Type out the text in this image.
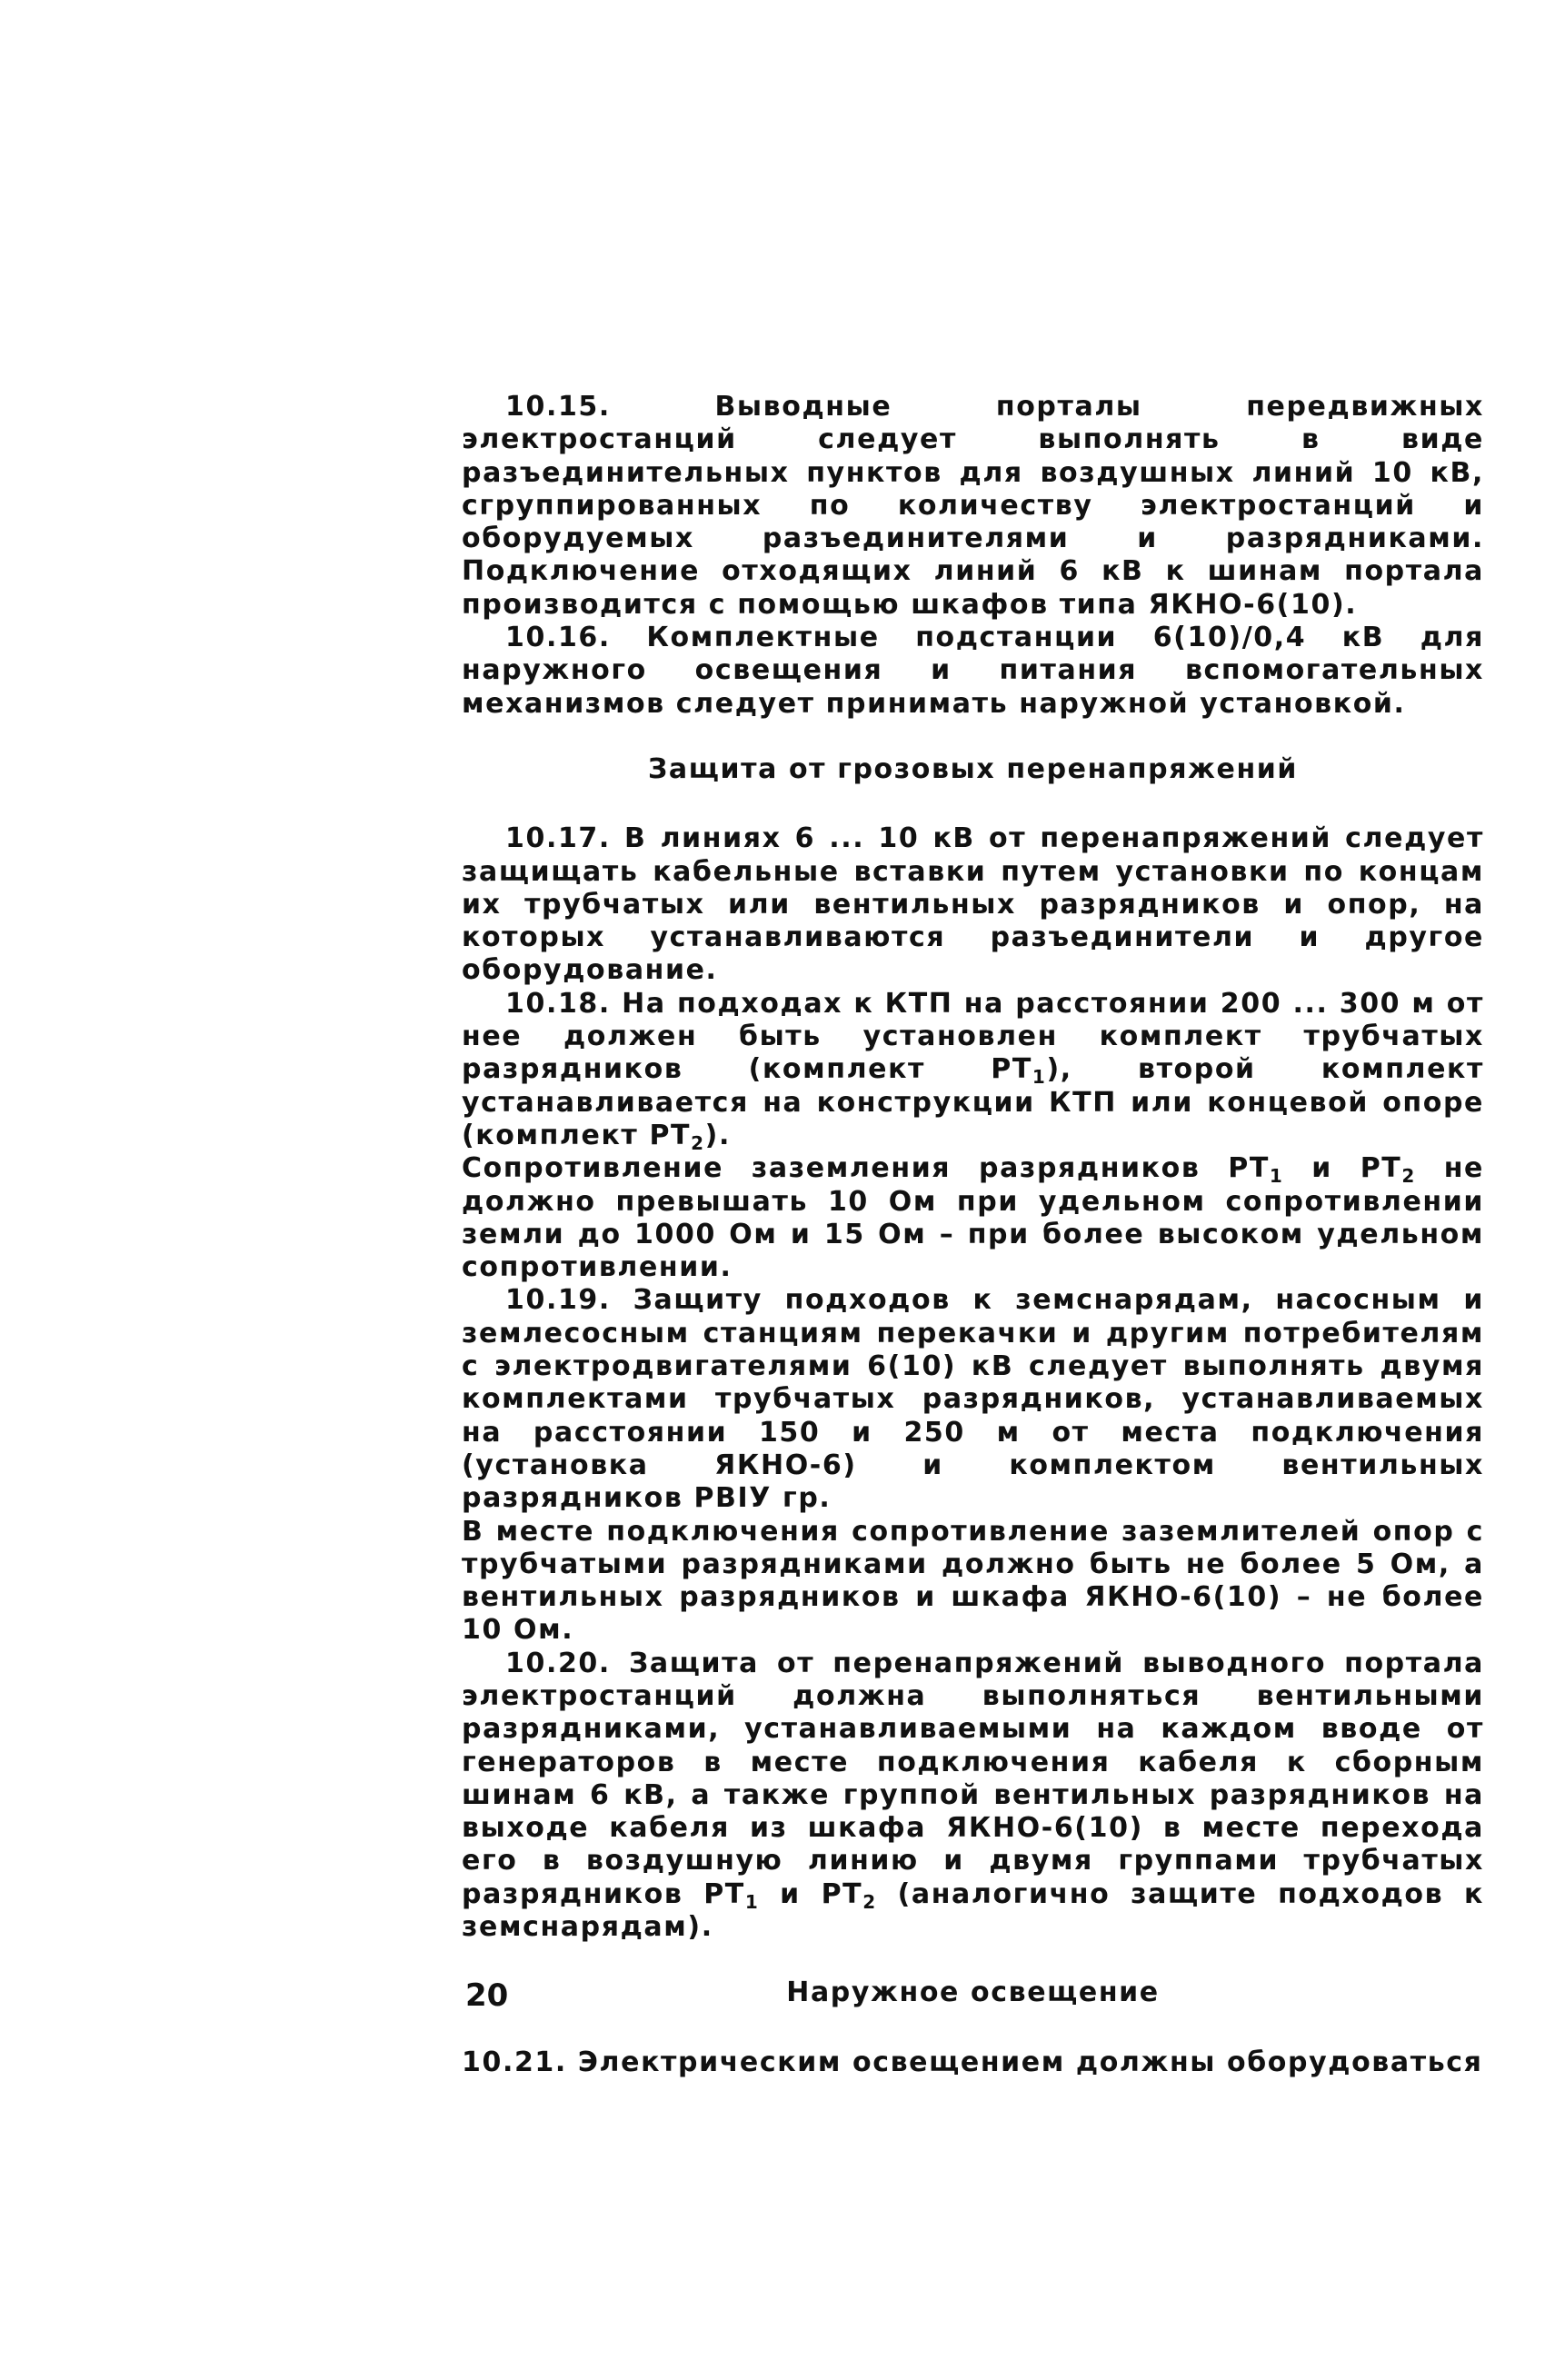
10.15. Выводные порталы передвижных электростанций следует выполнять в виде разъединительных пунктов для воздушных линий 10 кВ, сгруппированных по количеству электростанций и оборудуемых разъединителями и разрядниками. Подключение отходящих линий 6 кВ к шинам портала производится с помощью шкафов типа ЯКНО-6(10).

10.16. Комплектные подстанции 6(10)/0,4 кВ для наружного освещения и питания вспомогательных механизмов следует принимать наружной установкой.

Защита от грозовых перенапряжений

10.17. В линиях 6 ... 10 кВ от перенапряжений следует защищать кабельные вставки путем установки по концам их трубчатых или вентильных разрядников и опор, на которых устанавливаются разъединители и другое оборудование.

10.18. На подходах к КТП на расстоянии 200 ... 300 м от нее должен быть установлен комплект трубчатых разрядников (комплект $РТ_1$), второй комплект устанавливается на конструкции КТП или концевой опоре (комплект $РТ_2$).

Сопротивление заземления разрядников $РТ_1$ и $РТ_2$ не должно превышать 10 Ом при удельном сопротивлении земли до 1000 Ом и 15 Ом – при более высоком удельном сопротивлении.

10.19. Защиту подходов к земснарядам, насосным и землесосным станциям перекачки и другим потребителям с электродвигателями 6(10) кВ следует выполнять двумя комплектами трубчатых разрядников, устанавливаемых на расстоянии 150 и 250 м от места подключения (установка ЯКНО-6) и комплектом вентильных разрядников РВIУ гр.

В месте подключения сопротивление заземлителей опор с трубчатыми разрядниками должно быть не более 5 Ом, а вентильных разрядников и шкафа ЯКНО-6(10) – не более 10 Ом.

10.20. Защита от перенапряжений выводного портала электростанций должна выполняться вентильными разрядниками, устанавливаемыми на каждом вводе от генераторов в месте подключения кабеля к сборным шинам 6 кВ, а также группой вентильных разрядников на выходе кабеля из шкафа ЯКНО-6(10) в месте перехода его в воздушную линию и двумя группами трубчатых разрядников $РТ_1$ и $РТ_2$ (аналогично защите подходов к земснарядам).

Наружное освещение

10.21. Электрическим освещением должны оборудоваться

20
